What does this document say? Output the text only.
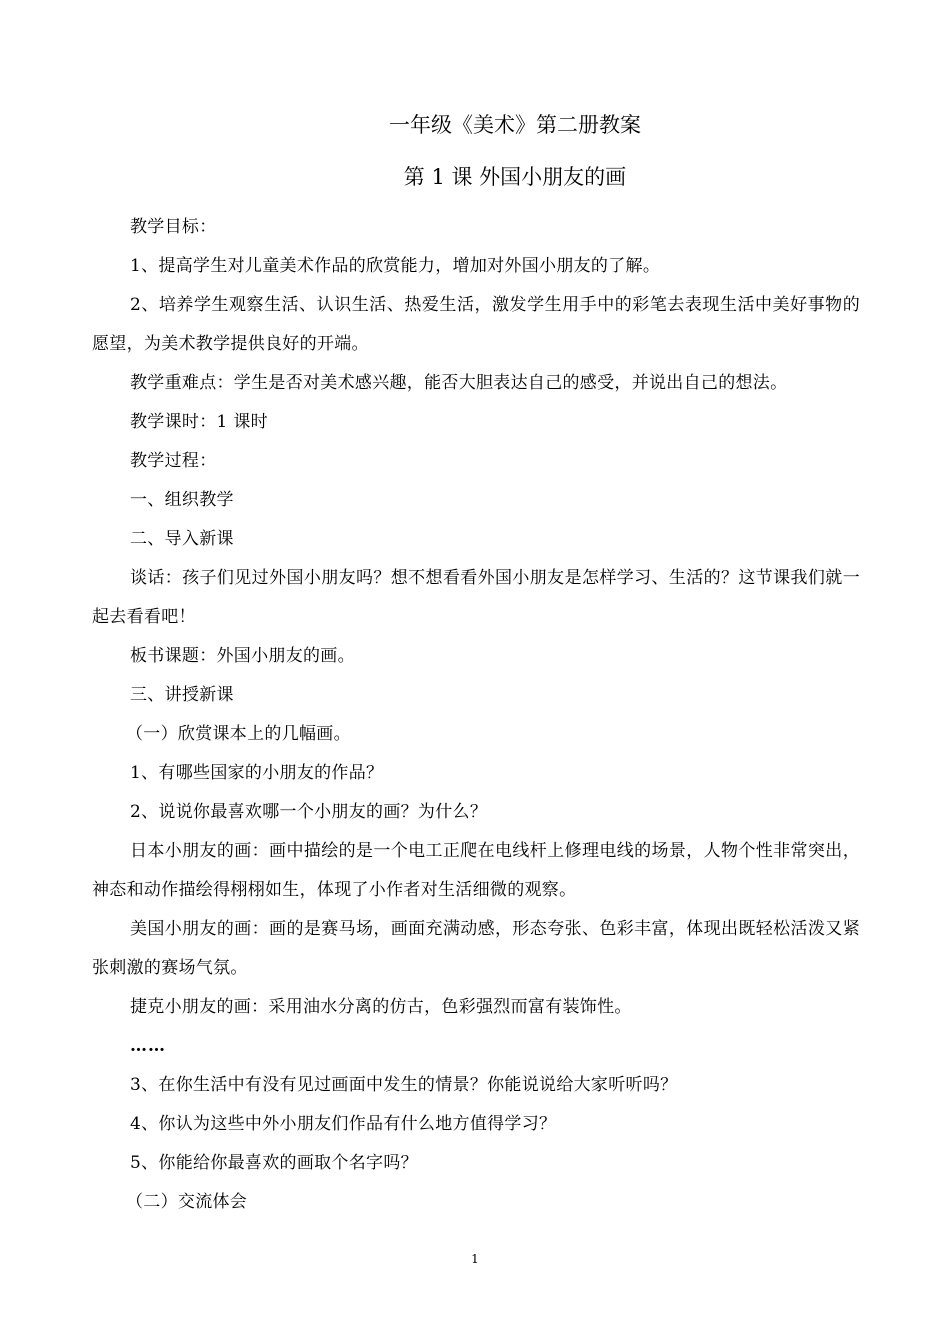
一年级《美术》第二册教案
第 1 课 外国小朋友的画

教学目标：

1、提高学生对儿童美术作品的欣赏能力，增加对外国小朋友的了解。

2、培养学生观察生活、认识生活、热爱生活，激发学生用手中的彩笔去表现生活中美好事物的愿望，为美术教学提供良好的开端。

教学重难点：学生是否对美术感兴趣，能否大胆表达自己的感受，并说出自己的想法。

教学课时：1 课时

教学过程：

一、组织教学

二、导入新课

谈话：孩子们见过外国小朋友吗？想不想看看外国小朋友是怎样学习、生活的？这节课我们就一起去看看吧！

板书课题：外国小朋友的画。

三、讲授新课

（一）欣赏课本上的几幅画。

1、有哪些国家的小朋友的作品？

2、说说你最喜欢哪一个小朋友的画？为什么？

日本小朋友的画：画中描绘的是一个电工正爬在电线杆上修理电线的场景，人物个性非常突出，神态和动作描绘得栩栩如生，体现了小作者对生活细微的观察。

美国小朋友的画：画的是赛马场，画面充满动感，形态夸张、色彩丰富，体现出既轻松活泼又紧张刺激的赛场气氛。

捷克小朋友的画：采用油水分离的仿古，色彩强烈而富有装饰性。

……

3、在你生活中有没有见过画面中发生的情景？你能说说给大家听听吗？

4、你认为这些中外小朋友们作品有什么地方值得学习？

5、你能给你最喜欢的画取个名字吗？

（二）交流体会

1
